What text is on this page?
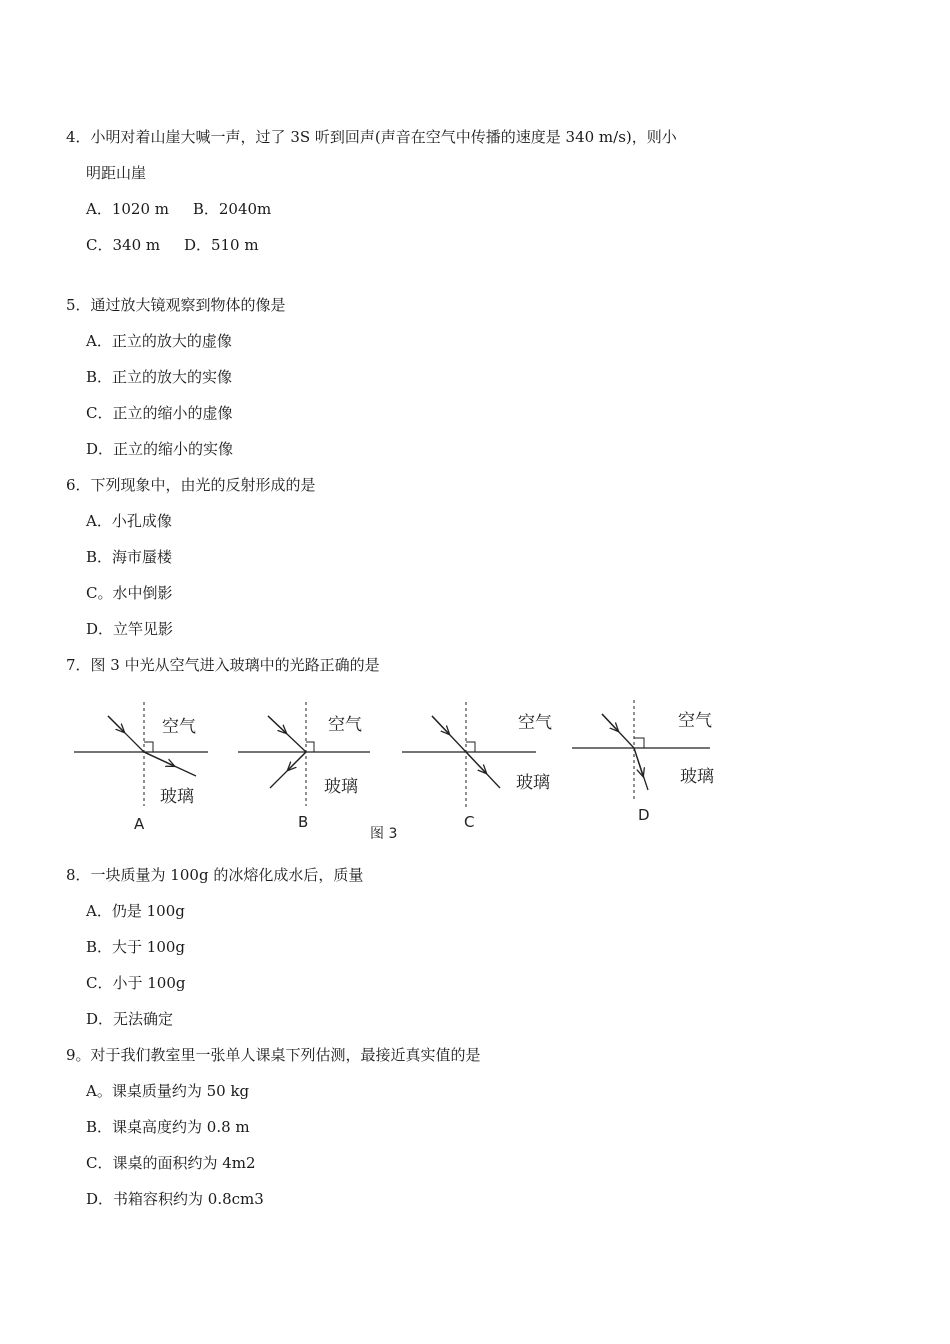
4．小明对着山崖大喊一声，过了 3S 听到回声(声音在空气中传播的速度是 340 m/s)，则小
明距山崖
A．1020 m     B．2040m
C．340 m     D．510 m
5．通过放大镜观察到物体的像是
A．正立的放大的虚像
B．正立的放大的实像
C．正立的缩小的虚像
D．正立的缩小的实像
6．下列现象中，由光的反射形成的是
A．小孔成像
B．海市蜃楼
C。水中倒影
D．立竿见影
7．图 3 中光从空气进入玻璃中的光路正确的是
空气
玻璃
A
空气
玻璃
B
空气
玻璃
C
空气
玻璃
D
图 3
8．一块质量为 100g 的冰熔化成水后，质量
A．仍是 100g
B．大于 100g
C．小于 100g
D．无法确定
9。对于我们教室里一张单人课桌下列估测，最接近真实值的是
A。课桌质量约为 50 kg
B．课桌高度约为 0.8 m
C．课桌的面积约为 4m2
D．书箱容积约为 0.8cm3
